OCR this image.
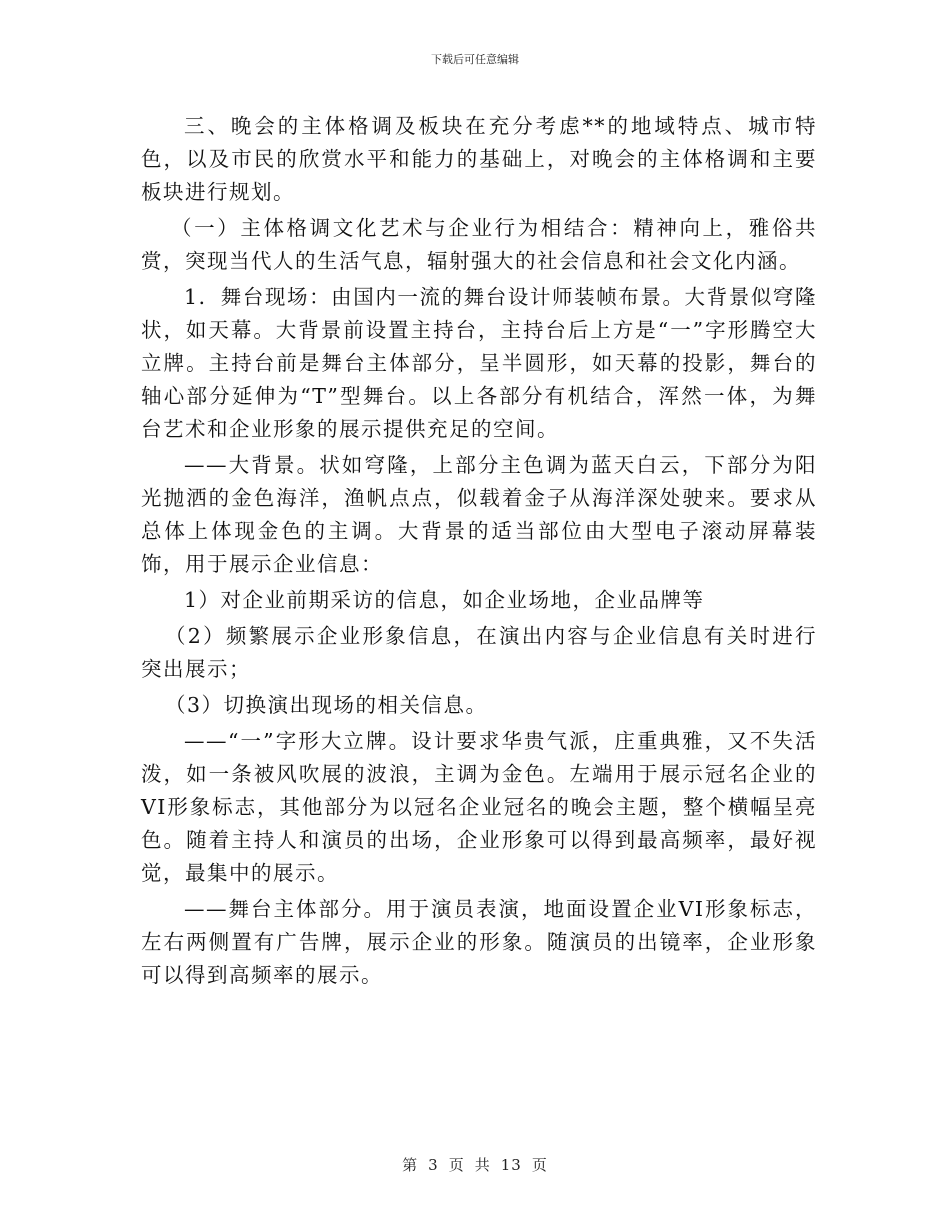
下载后可任意编辑

三、晚会的主体格调及板块在充分考虑**的地域特点、城市特色，以及市民的欣赏水平和能力的基础上，对晚会的主体格调和主要板块进行规划。

（一）主体格调文化艺术与企业行为相结合：精神向上，雅俗共赏，突现当代人的生活气息，辐射强大的社会信息和社会文化内涵。

1．舞台现场：由国内一流的舞台设计师装帧布景。大背景似穹隆状，如天幕。大背景前设置主持台，主持台后上方是“一”字形腾空大立牌。主持台前是舞台主体部分，呈半圆形，如天幕的投影，舞台的轴心部分延伸为“T”型舞台。以上各部分有机结合，浑然一体，为舞台艺术和企业形象的展示提供充足的空间。

——大背景。状如穹隆，上部分主色调为蓝天白云，下部分为阳光抛洒的金色海洋，渔帆点点，似载着金子从海洋深处驶来。要求从总体上体现金色的主调。大背景的适当部位由大型电子滚动屏幕装饰，用于展示企业信息：

1）对企业前期采访的信息，如企业场地，企业品牌等

（2）频繁展示企业形象信息，在演出内容与企业信息有关时进行突出展示；

（3）切换演出现场的相关信息。

——“一”字形大立牌。设计要求华贵气派，庄重典雅，又不失活泼，如一条被风吹展的波浪，主调为金色。左端用于展示冠名企业的VI形象标志，其他部分为以冠名企业冠名的晚会主题，整个横幅呈亮色。随着主持人和演员的出场，企业形象可以得到最高频率，最好视觉，最集中的展示。

——舞台主体部分。用于演员表演，地面设置企业VI形象标志，左右两侧置有广告牌，展示企业的形象。随演员的出镜率，企业形象可以得到高频率的展示。

第 3 页 共 13 页
